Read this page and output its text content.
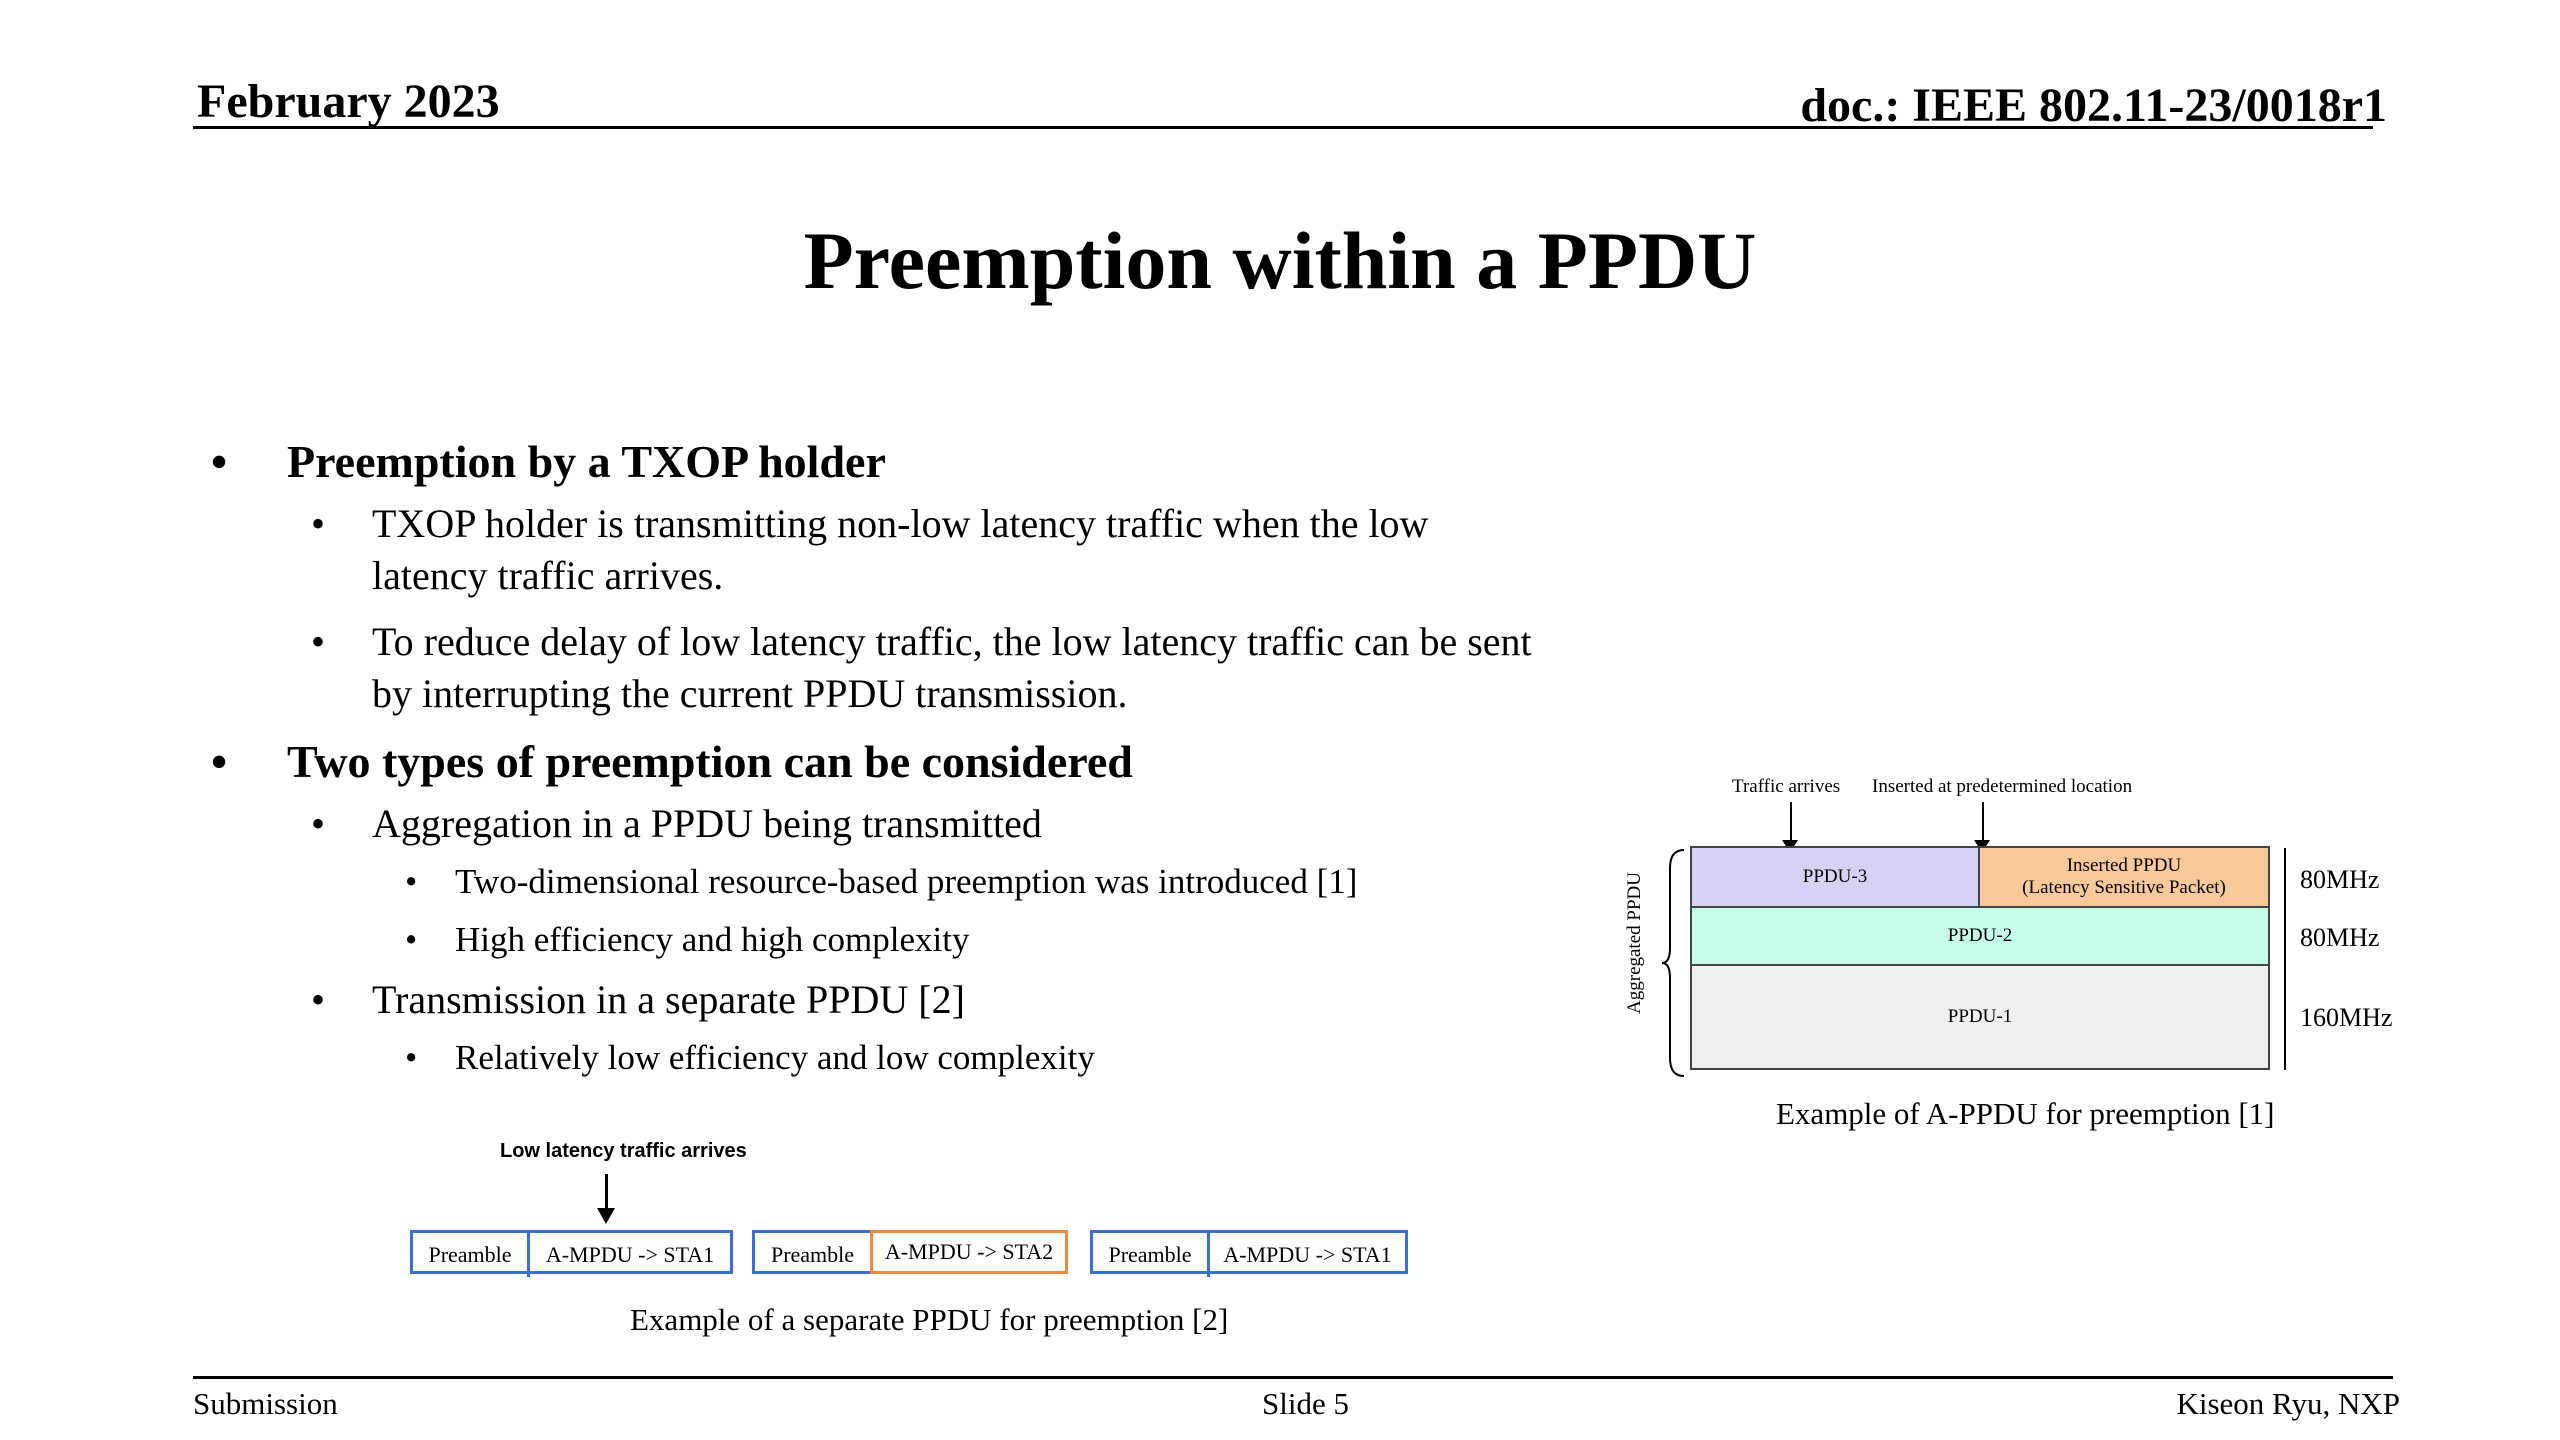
February 2023	doc.: IEEE 802.11-23/0018r1
Preemption within a PPDU
• Preemption by a TXOP holder
• TXOP holder is transmitting non-low latency traffic when the low latency traffic arrives.
• To reduce delay of low latency traffic, the low latency traffic can be sent by interrupting the current PPDU transmission.
• Two types of preemption can be considered
• Aggregation in a PPDU being transmitted
• Two-dimensional resource-based preemption was introduced [1]
• High efficiency and high complexity
• Transmission in a separate PPDU [2]
• Relatively low efficiency and low complexity
Low latency traffic arrives
Preamble	A-MPDU -> STA1	Preamble	A-MPDU -> STA2	Preamble	A-MPDU -> STA1
Example of a separate PPDU for preemption [2]
Traffic arrives Inserted at predetermined location
Aggregated PPDU	PPDU-3
Inserted PPDU
(Latency Sensitive Packet)
PPDU-2
PPDU-1
80MHz
80MHz
160MHz
Example of A-PPDU for preemption [1]
Submission	Slide 5	Kiseon Ryu, NXP
